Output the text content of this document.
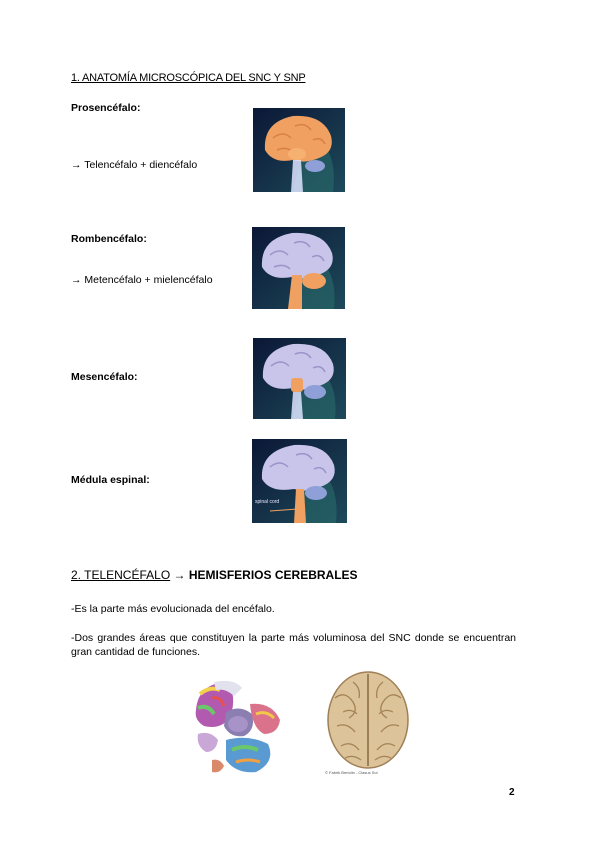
1. ANATOMÍA MICROSCÓPICA DEL SNC Y SNP
Prosencéfalo:
→ Telencéfalo + diencéfalo
Rombencéfalo:
→ Metencéfalo + mielencéfalo
Mesencéfalo:
Médula espinal:
spinal cord
2. TELENCÉFALO → HEMISFERIOS CEREBRALES
-Es la parte más evolucionada del encéfalo.
-Dos grandes áreas que constituyen la parte más voluminosa del SNC donde se encuentran gran cantidad de funciones.
© Fabrik Bertolin - Clasus Sol
2
